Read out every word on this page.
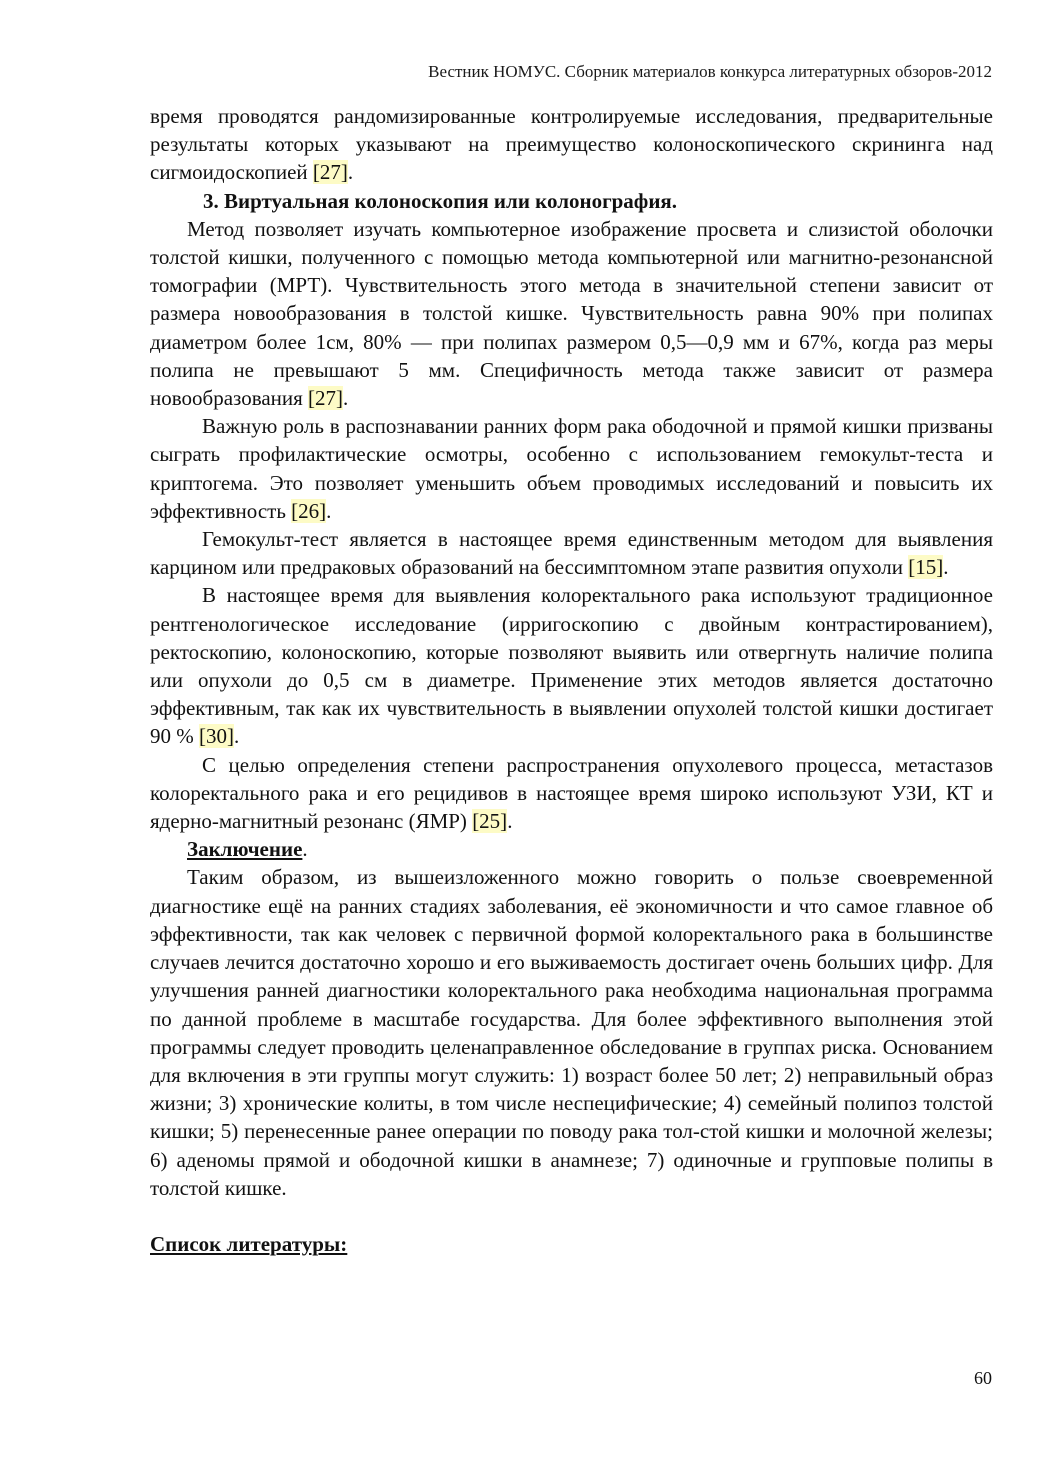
Вестник НОМУС. Сборник материалов конкурса литературных обзоров-2012

время проводятся рандомизированные контролируемые исследования, предварительные результаты которых указывают на преимущество колоноскопического скрининга над сигмоидоскопией [27].

3. Виртуальная колоноскопия или колонография.

Метод позволяет изучать компьютерное изображение просвета и слизистой оболочки толстой кишки, полученного с помощью метода компьютерной или магнитно-резонансной томографии (МРТ). Чувствительность этого метода в значительной степени зависит от размера новообразования в толстой кишке. Чувствительность равна 90% при полипах диаметром более 1см, 80% — при полипах размером 0,5—0,9 мм и 67%, когда раз меры полипа не превышают 5 мм. Специфичность метода также зависит от размера новообразования [27].

Важную роль в распознавании ранних форм рака ободочной и прямой кишки призваны сыграть профилактические осмотры, особенно с использованием гемокульт-теста и криптогема. Это позволяет уменьшить объем проводимых исследований и повысить их эффективность [26].

Гемокульт-тест является в настоящее время единственным методом для выявления карцином или предраковых образований на бессимптомном этапе развития опухоли [15].

В настоящее время для выявления колоректального рака используют традиционное рентгенологическое исследование (ирригоскопию с двойным контрастированием), ректоскопию, колоноскопию, которые позволяют выявить или отвергнуть наличие полипа или опухоли до 0,5 см в диаметре. Применение этих методов является достаточно эффективным, так как их чувствительность в выявлении опухолей толстой кишки достигает 90 % [30].

С целью определения степени распространения опухолевого процесса, метастазов колоректального рака и его рецидивов в настоящее время широко используют УЗИ, КТ и ядерно-магнитный резонанс (ЯМР) [25].

Заключение.

Таким образом, из вышеизложенного можно говорить о пользе своевременной диагностике ещё на ранних стадиях заболевания, её экономичности и что самое главное об эффективности, так как человек с первичной формой колоректального рака в большинстве случаев лечится достаточно хорошо и его выживаемость достигает очень больших цифр. Для улучшения ранней диагностики колоректального рака необходима национальная программа по данной проблеме в масштабе государства. Для более эффективного выполнения этой программы следует проводить целенаправленное обследование в группах риска. Основанием для включения в эти группы могут служить: 1) возраст более 50 лет; 2) неправильный образ жизни; 3) хронические колиты, в том числе неспецифические; 4) семейный полипоз толстой кишки; 5) перенесенные ранее операции по поводу рака тол-стой кишки и молочной железы; 6) аденомы прямой и ободочной кишки в анамнезе; 7) одиночные и групповые полипы в толстой кишке.

Список литературы:

60
